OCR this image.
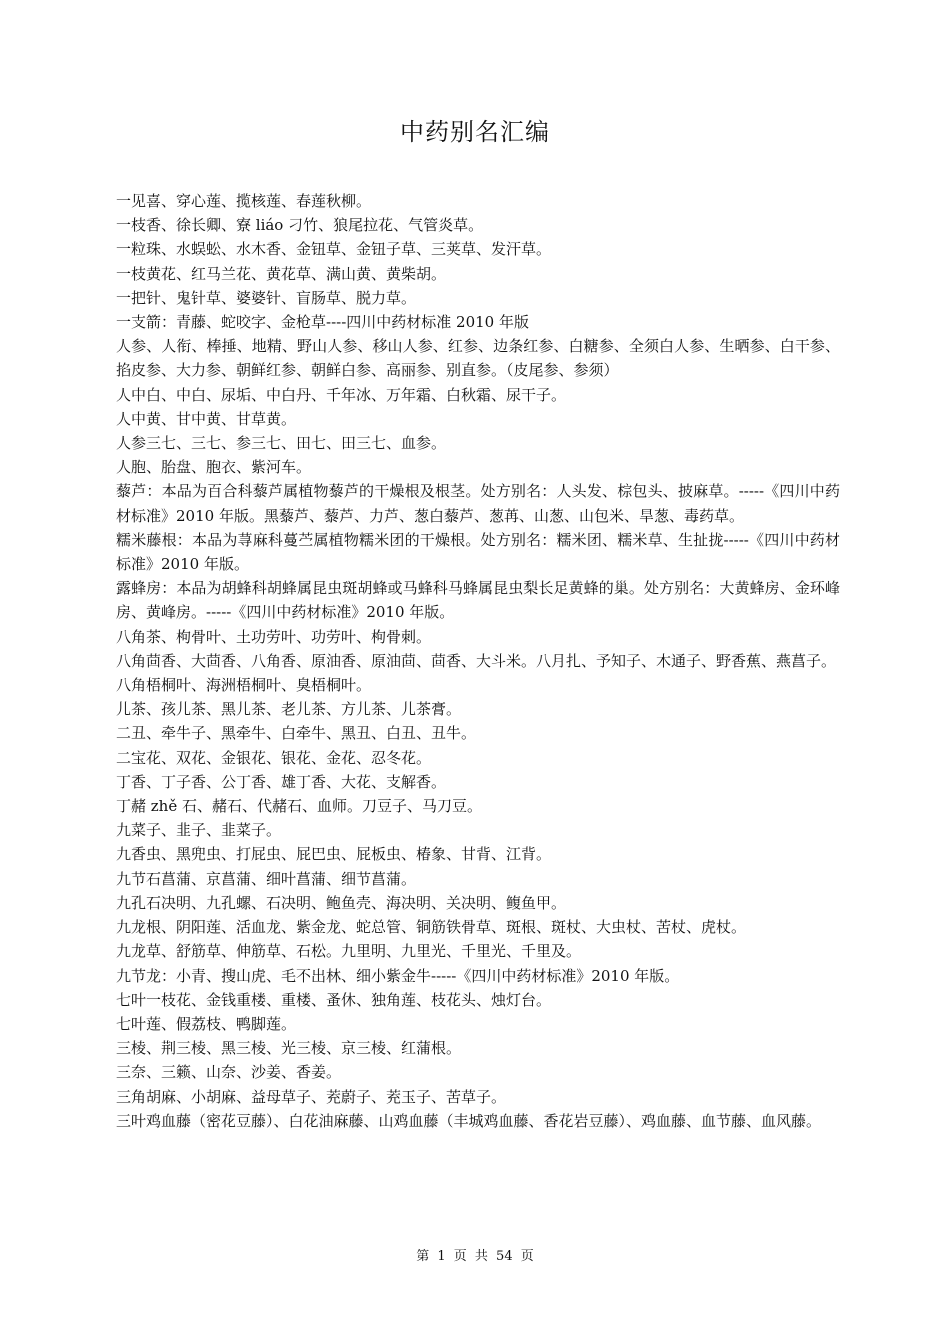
中药别名汇编

一见喜、穿心莲、揽核莲、春莲秋柳。

一枝香、徐长卿、寮 liáo 刁竹、狼尾拉花、气管炎草。

一粒珠、水蜈蚣、水木香、金钮草、金钮子草、三荚草、发汗草。

一枝黄花、红马兰花、黄花草、满山黄、黄柴胡。

一把针、鬼针草、婆婆针、盲肠草、脱力草。

一支箭：青藤、蛇咬字、金枪草----四川中药材标准 2010 年版

人参、人衔、棒捶、地精、野山人参、移山人参、红参、边条红参、白糖参、全须白人参、生晒参、白干参、掐皮参、大力参、朝鲜红参、朝鲜白参、高丽参、别直参。（皮尾参、参须）

人中白、中白、尿垢、中白丹、千年冰、万年霜、白秋霜、尿干子。

人中黄、甘中黄、甘草黄。

人参三七、三七、参三七、田七、田三七、血参。

人胞、胎盘、胞衣、紫河车。

藜芦：本品为百合科藜芦属植物藜芦的干燥根及根茎。处方别名：人头发、棕包头、披麻草。-----《四川中药材标准》2010 年版。黑藜芦、藜芦、力芦、葱白藜芦、葱苒、山葱、山包米、旱葱、毒药草。

糯米藤根：本品为荨麻科蔓苎属植物糯米团的干燥根。处方别名：糯米团、糯米草、生扯拢-----《四川中药材标准》2010 年版。

露蜂房：本品为胡蜂科胡蜂属昆虫斑胡蜂或马蜂科马蜂属昆虫梨长足黄蜂的巢。处方别名：大黄蜂房、金环峰房、黄峰房。-----《四川中药材标准》2010 年版。

八角茶、枸骨叶、土功劳叶、功劳叶、枸骨刺。

八角茴香、大茴香、八角香、原油香、原油茴、茴香、大斗米。八月扎、予知子、木通子、野香蕉、燕菖子。

八角梧桐叶、海洲梧桐叶、臭梧桐叶。

儿茶、孩儿茶、黑儿茶、老儿茶、方儿茶、儿茶膏。

二丑、牵牛子、黑牵牛、白牵牛、黑丑、白丑、丑牛。

二宝花、双花、金银花、银花、金花、忍冬花。

丁香、丁子香、公丁香、雄丁香、大花、支解香。

丁赭 zhě 石、赭石、代赭石、血师。刀豆子、马刀豆。

九菜子、韭子、韭菜子。

九香虫、黑兜虫、打屁虫、屁巴虫、屁板虫、椿象、甘背、江背。

九节石菖蒲、京菖蒲、细叶菖蒲、细节菖蒲。

九孔石决明、九孔螺、石决明、鲍鱼壳、海决明、关决明、鳆鱼甲。

九龙根、阴阳莲、活血龙、紫金龙、蛇总管、铜筋铁骨草、斑根、斑杖、大虫杖、苦杖、虎杖。

九龙草、舒筋草、伸筋草、石松。九里明、九里光、千里光、千里及。

九节龙：小青、搜山虎、毛不出林、细小紫金牛-----《四川中药材标准》2010 年版。

七叶一枝花、金钱重楼、重楼、蚤休、独角莲、枝花头、烛灯台。

七叶莲、假荔枝、鸭脚莲。

三棱、荆三棱、黑三棱、光三棱、京三棱、红蒲根。

三奈、三籁、山奈、沙姜、香姜。

三角胡麻、小胡麻、益母草子、茺蔚子、茺玉子、苦草子。

三叶鸡血藤（密花豆藤）、白花油麻藤、山鸡血藤（丰城鸡血藤、香花岩豆藤）、鸡血藤、血节藤、血风藤。

第 1 页 共 54 页
